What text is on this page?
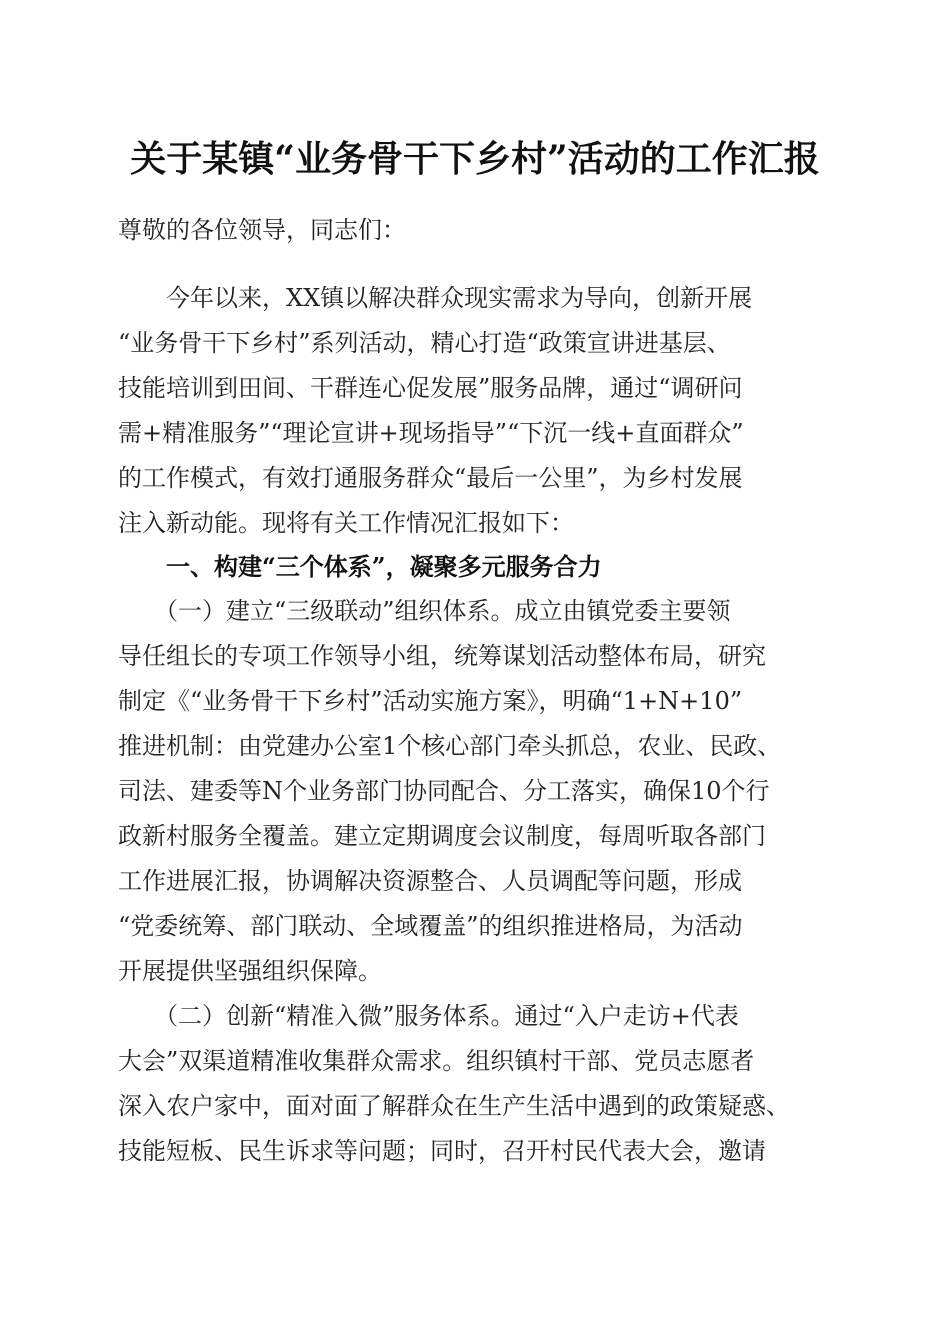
关于某镇“业务骨干下乡村”活动的工作汇报
尊敬的各位领导，同志们：
　　今年以来，XX镇以解决群众现实需求为导向，创新开展
“业务骨干下乡村”系列活动，精心打造“政策宣讲进基层、
技能培训到田间、干群连心促发展”服务品牌，通过“调研问
需+精准服务”“理论宣讲+现场指导”“下沉一线+直面群众”
的工作模式，有效打通服务群众“最后一公里”，为乡村发展
注入新动能。现将有关工作情况汇报如下：
　　一、构建“三个体系”，凝聚多元服务合力
　　（一）建立“三级联动”组织体系。成立由镇党委主要领
导任组长的专项工作领导小组，统筹谋划活动整体布局，研究
制定《“业务骨干下乡村”活动实施方案》，明确“1+N+10”
推进机制：由党建办公室1个核心部门牵头抓总，农业、民政、
司法、建委等N个业务部门协同配合、分工落实，确保10个行
政新村服务全覆盖。建立定期调度会议制度，每周听取各部门
工作进展汇报，协调解决资源整合、人员调配等问题，形成
“党委统筹、部门联动、全域覆盖”的组织推进格局，为活动
开展提供坚强组织保障。
　　（二）创新“精准入微”服务体系。通过“入户走访+代表
大会”双渠道精准收集群众需求。组织镇村干部、党员志愿者
深入农户家中，面对面了解群众在生产生活中遇到的政策疑惑、
技能短板、民生诉求等问题；同时，召开村民代表大会，邀请
